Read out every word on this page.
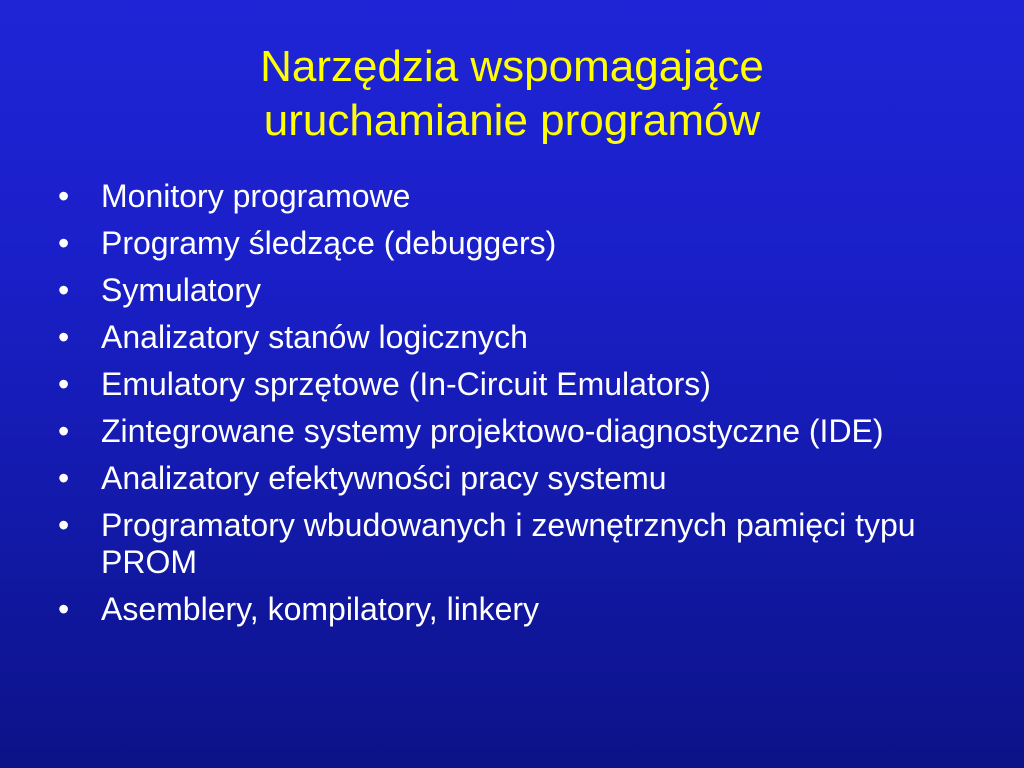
Narzędzia wspomagające
uruchamianie programów
• Monitory programowe
• Programy śledzące (debuggers)
• Symulatory
• Analizatory stanów logicznych
• Emulatory sprzętowe (In-Circuit Emulators)
• Zintegrowane systemy projektowo-diagnostyczne (IDE)
• Analizatory efektywności pracy systemu
• Programatory wbudowanych i zewnętrznych pamięci typu PROM
• Asemblery, kompilatory, linkery
